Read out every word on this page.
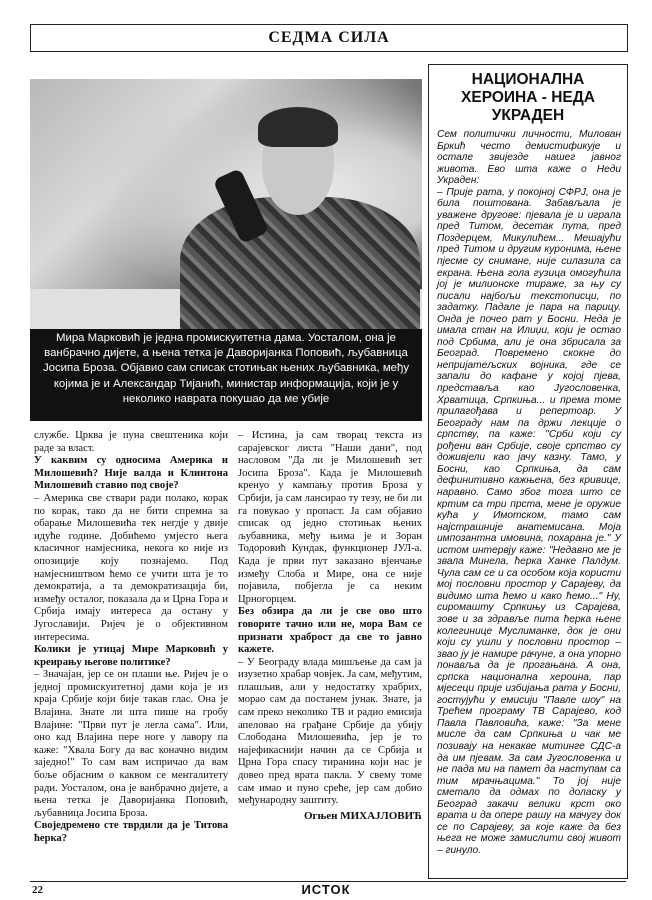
СЕДМА СИЛА
Мира Марковић је једна промискуитетна дама. Уосталом, она је ванбрачно дијете, а њена тетка је Даворијанка Поповић, љубавница Јосипа Броза. Објавио сам списак стотињак њених љубавника, међу којима је и Александар Тијанић, министар информација, који је у неколико наврата покушао да ме убије
НАЦИОНАЛНА ХЕРОИНА - НЕДА УКРАДЕН
Сем политички личности, Милован Бркић често демистификује и остале звијезде нашег јавног живота. Ево шта каже о Неди Украден:
– Прије рата, у покојној СФРЈ, она је била поштована. Забављала је уважене другове: пјевала је и играла пред Титом, десетак пута, пред Поздерцем, Микулићем... Мешајући пред Титом и другим куронима, њене пјесме су снимане, није силазила са екрана. Њена гола гузица омогућила јој је милионске тираже, за њу су писали најбољи текстописци, по задатку. Падале је пара на парицу. Онда је почео рат у Босни. Неда је имала стан на Илиџи, који је остао под Србима, али је она збрисала за Београд. Повремено скокне до непријатељских војника, где се запали до кафане у којој пјева, представља као Југословенка, Хрватица, Српкиња... и према томе прилагођава и репертоар. У Београду нам па држи лекције о српству, па каже: "Срби који су рођени ван Србије, своје српство су доживјели као јачу казну. Тамо, у Босни, као Српкиња, да сам дефинитивно кажњена, без кривице, наравно. Само због тога што се кртим са три прста, мене је оружие кућа у Имотском, тамо сам најстрашније анатемисана. Моја импозантна имовина, похарана је." У истом интервју каже: "Недавно ме је звала Минела, ћерка Ханке Палдум. Чула сам се и са особом која користи мој пословни простор у Сарајеву, да видимо шта ћемо и како ћемо..." Ну, сиромашту Српкињу из Сарајева, зове и за здравље пита ћерка њене колегинице Муслиманке, док је они који су ушли у пословни простор – звао ју је намире рачуне, а она упорно понавља да је прогањана. А она, српска национална хероина, пар мјесеци прије избијања рата у Босни, гостујући у емисији "Павле шоу" на Трећем програму ТВ Сарајево, код Павла Павловића, каже: "За мене мисле да сам Српкиња и чак ме позивају на некакве митинге СДС-а да им пјевам. За сам Југословенка и не пада ми на памет да наступам са тим мрачњацима." То јој није сметало да одмах по доласку у Београд закачи велики крст око врата и да опере рашу на мачугу док се по Сарајеву, за које каже да без њега не може замислити свој живот – гинуло.

службе. Црква је пуна свештеника који раде за власт.

У каквим су односима Америка и Милошевић? Није валда и Клинтона Милошевић ставио под своје?

– Америка све ствари ради полако, корак по корак, тако да не бити спремна за обарање Милошевића тек негдје у двије идуће године. Добићемо умјесто њега класичног намјесника, некога ко није из опозиције коју познајемо. Под намјесништвом ћемо се учити шта је то демократија, а та демократизација би, између осталог, показала да и Црна Гора и Србија имају интереса да остану у Југославији. Ријеч је о објективном интересима.

Колики је утицај Мире Марковић у креирању његове политике?

– Значајан, јер се он плаши ње. Ријеч је о једној промискуитетној дами која је из краја Србије који бије такав глас. Она је Влајина. Знате ли шта пише на гробу Влајине: "Први пут је легла сама". Или, оно кад Влајина пере ноге у лавору па каже: "Хвала Богу да вас коначно видим заједно!" То сам вам испричао да вам боље објасним о каквом се менталитету ради. Уосталом, она је ванбрачно дијете, а њена тетка је Даворијанка Поповић, љубавница Јосипа Броза.

Своједремено сте тврдили да је Титова ћерка?

– Истина, ја сам творац текста из сарајевског листа "Наши дани", под насловом "Да ли је Милошевић зет Јосипа Броза". Када је Милошевић кренуо у кампању против Броза у Србији, ја сам лансирао ту тезу, не би ли га повукао у пропаст. Ја сам објавио списак од једно стотињак њених љубавника, међу њима је и Зоран Тодоровић Кундак, функционер ЈУЛ-а. Када је први пут заказано вјенчање између Слоба и Мире, она се није појавила, побјегла је са неким Црногорцем.

Без обзира да ли је све ово што говорите тачно или не, мора Вам се признати храброст да све то јавно кажете.

– У Београду влада мишљење да сам ја изузетно храбар човјек. Ја сам, међутим, плашљив, али у недостатку храбрих, морао сам да постанем јунак. Знате, ја сам преко неколико ТВ и радио емисија апеловао на грађане Србије да убију Слободана Милошевића, јер је то најефикаснији начин да се Србија и Црна Гора спасу тиранина који нас је довео пред врата пакла. У свему томе сам имао и пуно среће, јер сам добио међународну заштиту.

Огњен МИХАЈЛОВИЋ
22	ИСТОК
